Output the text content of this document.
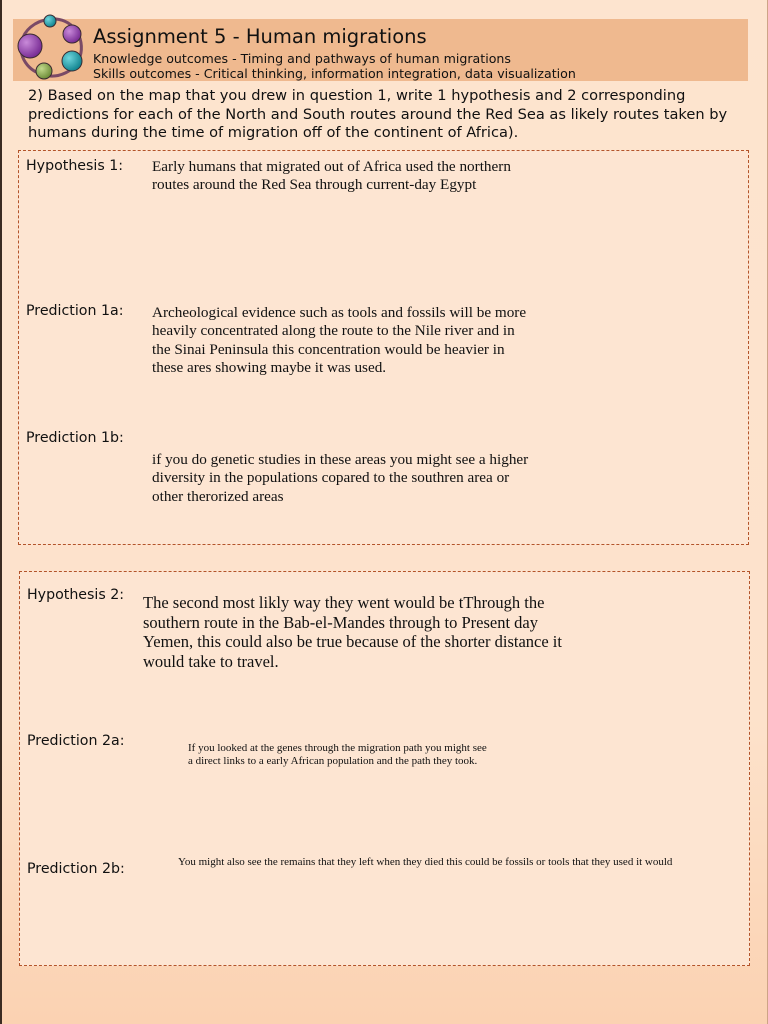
Assignment 5 - Human migrations
Knowledge outcomes - Timing and pathways of human migrations
Skills outcomes - Critical thinking, information integration, data visualization
2) Based on the map that you drew in question 1, write 1 hypothesis and 2 corresponding predictions for each of the North and South routes around the Red Sea as likely routes taken by humans during the time of migration off of the continent of Africa).
Hypothesis 1: Early humans that migrated out of Africa used the northern routes around the Red Sea through current-day Egypt
Prediction 1a: Archeological evidence such as tools and fossils will be more heavily concentrated along the route to the Nile river and in the Sinai Peninsula this concentration would be heavier in these ares showing maybe it was used.
Prediction 1b:
if you do genetic studies in these areas you might see a higher diversity in the populations copared to the southren area or other therorized areas
Hypothesis 2: The second most likly way they went would be tThrough the southern route in the Bab-el-Mandes through to Present day Yemen, this could also be true because of the shorter distance it would take to travel.
Prediction 2a:	If you looked at the genes through the migration path you might see a direct links to a early African population and the path they took.
Prediction 2b:	You might also see the remains that they left when they died this could be fossils or tools that they used it would
